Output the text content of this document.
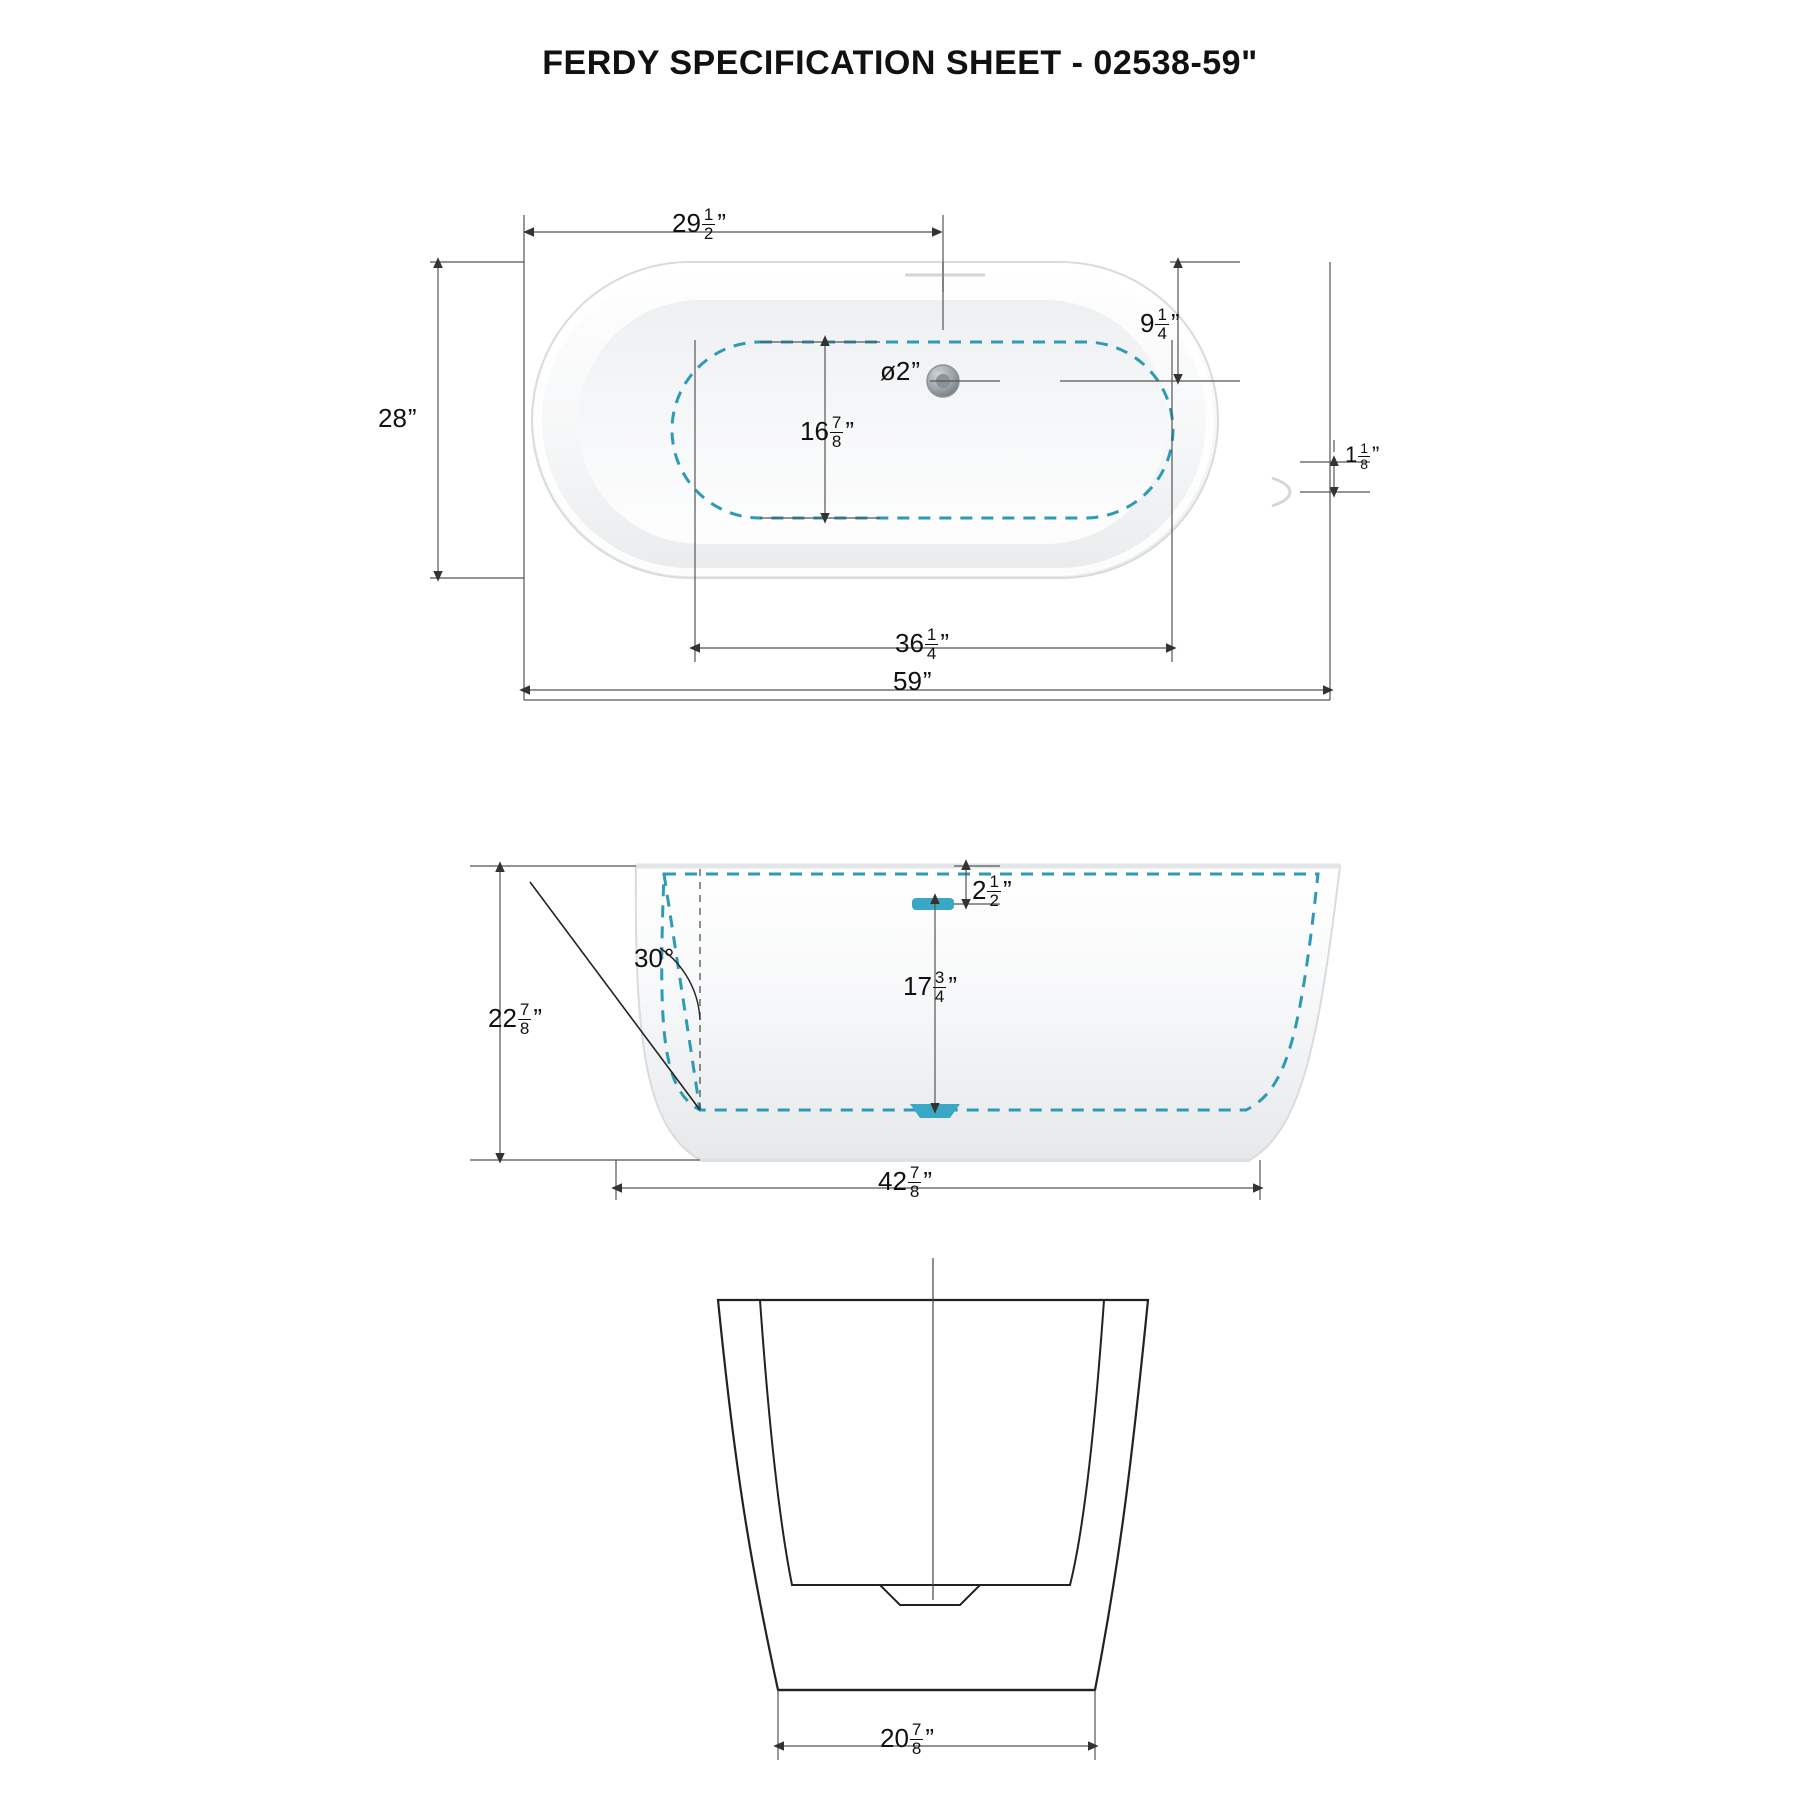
FERDY SPECIFICATION SHEET - 02538-59"
$29 \frac{1}{2}$ ”
28 ”
$9 \frac{1}{4}$ ”
ø2 ”
$16 \frac{7}{8}$ ”
$1 \frac{1}{8}$ ”
$36 \frac{1}{4}$ ”
59 ”
$2 \frac{1}{2}$ ”
$17 \frac{3}{4}$ ”
30 °
$22 \frac{7}{8}$ ”
$42 \frac{7}{8}$ ”
$20 \frac{7}{8}$ ”
